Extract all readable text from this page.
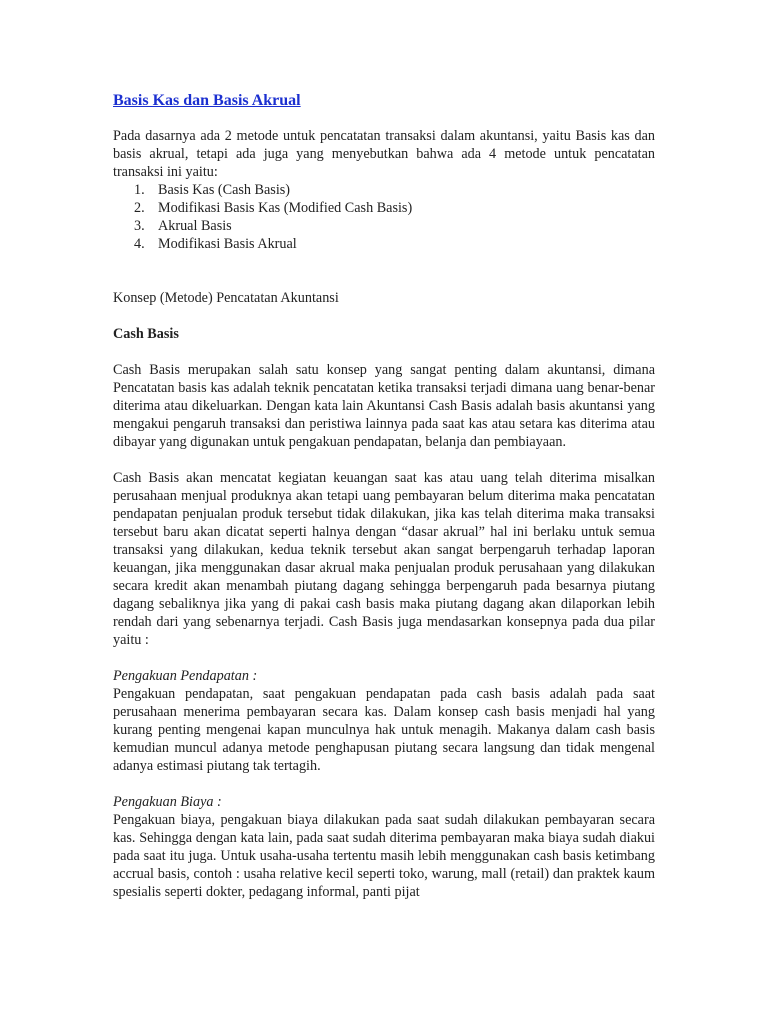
Basis Kas dan Basis Akrual

Pada dasarnya ada 2 metode untuk pencatatan transaksi dalam akuntansi, yaitu Basis kas dan basis akrual, tetapi ada juga yang menyebutkan bahwa ada 4 metode untuk pencatatan transaksi ini yaitu:

Basis Kas (Cash Basis)
Modifikasi Basis Kas (Modified Cash Basis)
Akrual Basis
Modifikasi Basis Akrual

Konsep (Metode) Pencatatan Akuntansi

Cash Basis

Cash Basis merupakan salah satu konsep yang sangat penting dalam akuntansi, dimana Pencatatan basis kas adalah teknik pencatatan ketika transaksi terjadi dimana uang benar-benar diterima atau dikeluarkan. Dengan kata lain Akuntansi Cash Basis adalah basis akuntansi yang mengakui pengaruh transaksi dan peristiwa lainnya pada saat kas atau setara kas diterima atau dibayar yang digunakan untuk pengakuan pendapatan, belanja dan pembiayaan.

Cash Basis akan mencatat kegiatan keuangan saat kas atau uang telah diterima misalkan perusahaan menjual produknya akan tetapi uang pembayaran belum diterima maka pencatatan pendapatan penjualan produk tersebut tidak dilakukan, jika kas telah diterima maka transaksi tersebut baru akan dicatat seperti halnya dengan “dasar akrual” hal ini berlaku untuk semua transaksi yang dilakukan, kedua teknik tersebut akan sangat berpengaruh terhadap laporan keuangan, jika menggunakan dasar akrual maka penjualan produk perusahaan yang dilakukan secara kredit akan menambah piutang dagang sehingga berpengaruh pada besarnya piutang dagang sebaliknya jika yang di pakai cash basis maka piutang dagang akan dilaporkan lebih rendah dari yang sebenarnya terjadi. Cash Basis juga mendasarkan konsepnya pada dua pilar yaitu :

Pengakuan Pendapatan :

Pengakuan pendapatan, saat pengakuan pendapatan pada cash basis adalah pada saat perusahaan menerima pembayaran secara kas. Dalam konsep cash basis menjadi hal yang kurang penting mengenai kapan munculnya hak untuk menagih. Makanya dalam cash basis kemudian muncul adanya metode penghapusan piutang secara langsung dan tidak mengenal adanya estimasi piutang tak tertagih.

Pengakuan Biaya :

Pengakuan biaya, pengakuan biaya dilakukan pada saat sudah dilakukan pembayaran secara kas. Sehingga dengan kata lain, pada saat sudah diterima pembayaran maka biaya sudah diakui pada saat itu juga. Untuk usaha-usaha tertentu masih lebih menggunakan cash basis ketimbang accrual basis, contoh : usaha relative kecil seperti toko, warung, mall (retail) dan praktek kaum spesialis seperti dokter, pedagang informal, panti pijat
